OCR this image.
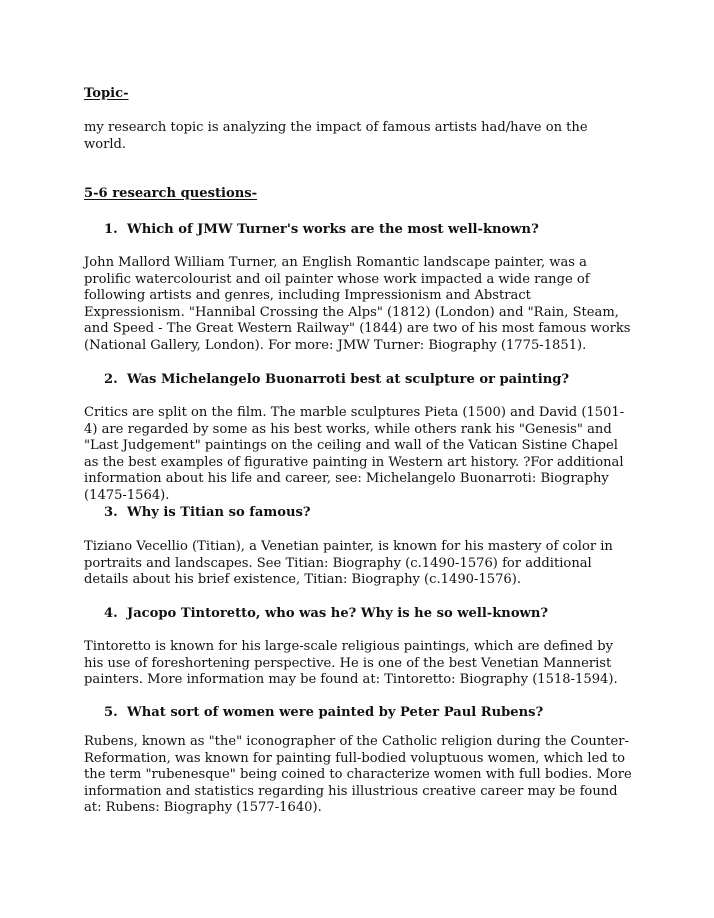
Topic-

my research topic is analyzing the impact of famous artists had/have on the world.

5-6 research questions-

1. Which of JMW Turner's works are the most well-known?

John Mallord William Turner, an English Romantic landscape painter, was a prolific watercolourist and oil painter whose work impacted a wide range of following artists and genres, including Impressionism and Abstract Expressionism. "Hannibal Crossing the Alps" (1812) (London) and "Rain, Steam, and Speed - The Great Western Railway" (1844) are two of his most famous works (National Gallery, London). For more: JMW Turner: Biography (1775-1851).

2. Was Michelangelo Buonarroti best at sculpture or painting?

Critics are split on the film. The marble sculptures Pieta (1500) and David (1501-4) are regarded by some as his best works, while others rank his "Genesis" and "Last Judgement" paintings on the ceiling and wall of the Vatican Sistine Chapel as the best examples of figurative painting in Western art history. ?For additional information about his life and career, see: Michelangelo Buonarroti: Biography (1475-1564).

3. Why is Titian so famous?

Tiziano Vecellio (Titian), a Venetian painter, is known for his mastery of color in portraits and landscapes. See Titian: Biography (c.1490-1576) for additional details about his brief existence, Titian: Biography (c.1490-1576).

4. Jacopo Tintoretto, who was he? Why is he so well-known?

Tintoretto is known for his large-scale religious paintings, which are defined by his use of foreshortening perspective. He is one of the best Venetian Mannerist painters. More information may be found at: Tintoretto: Biography (1518-1594).

5. What sort of women were painted by Peter Paul Rubens?

Rubens, known as "the" iconographer of the Catholic religion during the Counter-Reformation, was known for painting full-bodied voluptuous women, which led to the term "rubenesque" being coined to characterize women with full bodies. More information and statistics regarding his illustrious creative career may be found at: Rubens: Biography (1577-1640).
